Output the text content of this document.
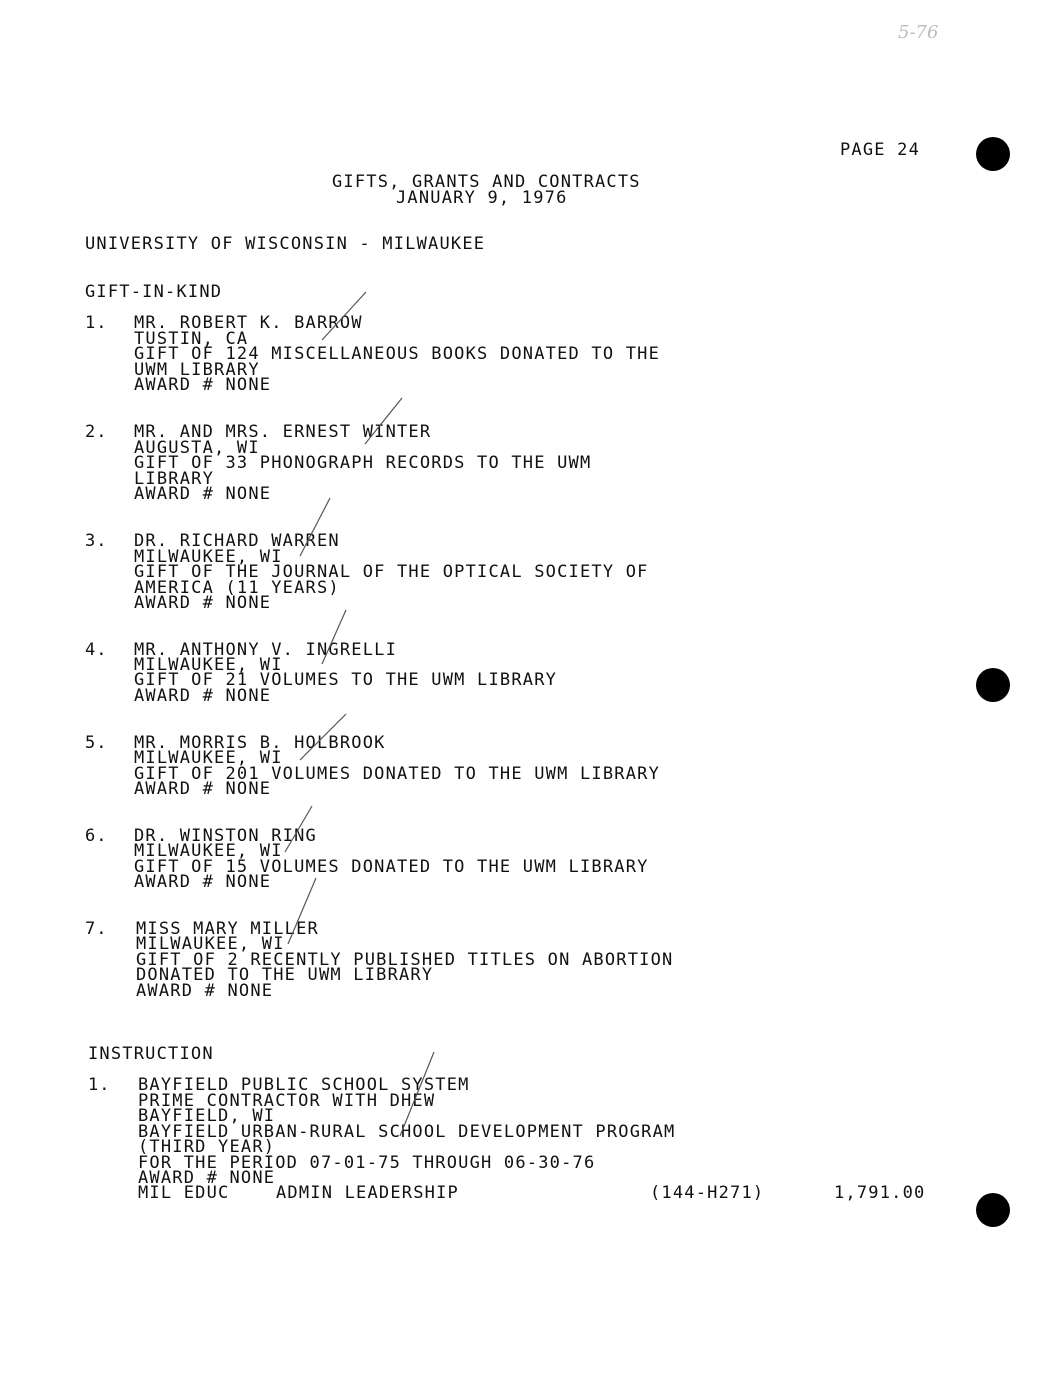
5-76
PAGE 24
GIFTS, GRANTS AND CONTRACTS
JANUARY 9, 1976
UNIVERSITY OF WISCONSIN - MILWAUKEE
GIFT-IN-KIND
1. MR. ROBERT K. BARROW
TUSTIN, CA
GIFT OF 124 MISCELLANEOUS BOOKS DONATED TO THE
UWM LIBRARY
AWARD # NONE
2. MR. AND MRS. ERNEST WINTER
AUGUSTA, WI
GIFT OF 33 PHONOGRAPH RECORDS TO THE UWM
LIBRARY
AWARD # NONE
3. DR. RICHARD WARREN
MILWAUKEE, WI
GIFT OF THE JOURNAL OF THE OPTICAL SOCIETY OF
AMERICA (11 YEARS)
AWARD # NONE
4. MR. ANTHONY V. INGRELLI
MILWAUKEE, WI
GIFT OF 21 VOLUMES TO THE UWM LIBRARY
AWARD # NONE
5. MR. MORRIS B. HOLBROOK
MILWAUKEE, WI
GIFT OF 201 VOLUMES DONATED TO THE UWM LIBRARY
AWARD # NONE
6. DR. WINSTON RING
MILWAUKEE, WI
GIFT OF 15 VOLUMES DONATED TO THE UWM LIBRARY
AWARD # NONE
7. MISS MARY MILLER
MILWAUKEE, WI
GIFT OF 2 RECENTLY PUBLISHED TITLES ON ABORTION
DONATED TO THE UWM LIBRARY
AWARD # NONE
INSTRUCTION
1. BAYFIELD PUBLIC SCHOOL SYSTEM
PRIME CONTRACTOR WITH DHEW
BAYFIELD, WI
BAYFIELD URBAN-RURAL SCHOOL DEVELOPMENT PROGRAM
(THIRD YEAR)
FOR THE PERIOD 07-01-75 THROUGH 06-30-76
AWARD # NONE
MIL EDUC	ADMIN LEADERSHIP	(144-H271)	1,791.00
